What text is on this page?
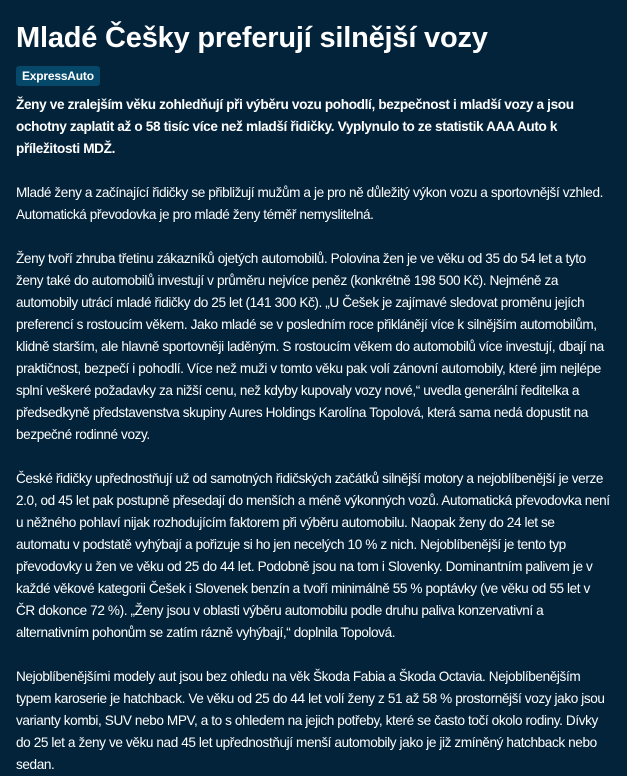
Mladé Češky preferují silnější vozy
ExpressAuto

Ženy ve zralejším věku zohledňují při výběru vozu pohodlí, bezpečnost i mladší vozy a jsou ochotny zaplatit až o 58 tisíc více než mladší řidičky. Vyplynulo to ze statistik AAA Auto k příležitosti MDŽ.

Mladé ženy a začínající řidičky se přibližují mužům a je pro ně důležitý výkon vozu a sportovnější vzhled. Automatická převodovka je pro mladé ženy téměř nemyslitelná.

Ženy tvoří zhruba třetinu zákazníků ojetých automobilů. Polovina žen je ve věku od 35 do 54 let a tyto ženy také do automobilů investují v průměru nejvíce peněz (konkrétně 198 500 Kč). Nejméně za automobily utrácí mladé řidičky do 25 let (141 300 Kč). „U Češek je zajímavé sledovat proměnu jejích preferencí s rostoucím věkem. Jako mladé se v posledním roce přiklánějí více k silnějším automobilům, klidně starším, ale hlavně sportovněji laděným. S rostoucím věkem do automobilů více investují, dbají na praktičnost, bezpečí i pohodlí. Více než muži v tomto věku pak volí zánovní automobily, které jim nejlépe splní veškeré požadavky za nižší cenu, než kdyby kupovaly vozy nové,“ uvedla generální ředitelka a předsedkyně představenstva skupiny Aures Holdings Karolína Topolová, která sama nedá dopustit na bezpečné rodinné vozy.

České řidičky upřednostňují už od samotných řidičských začátků silnější motory a nejoblíbenější je verze 2.0, od 45 let pak postupně přesedají do menších a méně výkonných vozů. Automatická převodovka není u něžného pohlaví nijak rozhodujícím faktorem při výběru automobilu. Naopak ženy do 24 let se automatu v podstatě vyhýbají a pořizuje si ho jen necelých 10 % z nich. Nejoblíbenější je tento typ převodovky u žen ve věku od 25 do 44 let. Podobně jsou na tom i Slovenky. Dominantním palivem je v každé věkové kategorii Češek i Slovenek benzín a tvoří minimálně 55 % poptávky (ve věku od 55 let v ČR dokonce 72 %). „Ženy jsou v oblasti výběru automobilu podle druhu paliva konzervativní a alternativním pohonům se zatím rázně vyhýbají,“ doplnila Topolová.

Nejoblíbenějšími modely aut jsou bez ohledu na věk Škoda Fabia a Škoda Octavia. Nejoblíbenějším typem karoserie je hatchback. Ve věku od 25 do 44 let volí ženy z 51 až 58 % prostornější vozy jako jsou varianty kombi, SUV nebo MPV, a to s ohledem na jejich potřeby, které se často točí okolo rodiny. Dívky do 25 let a ženy ve věku nad 45 let upřednostňují menší automobily jako je již zmíněný hatchback nebo sedan.
